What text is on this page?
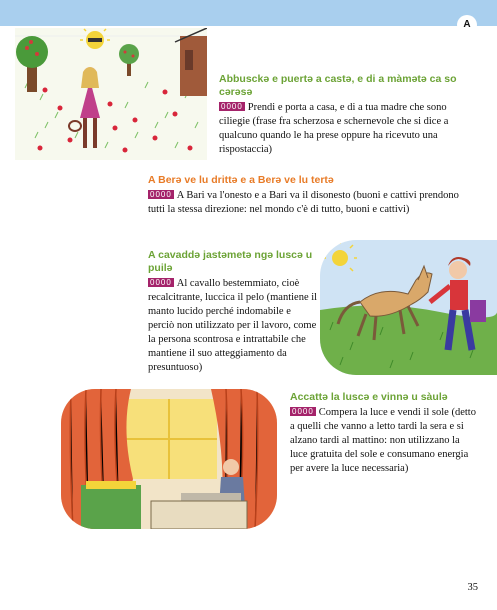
A

Abbusckə e puertə a castə, e di a màmətə ca so cərəsə

0000 Prendi e porta a casa, e di a tua madre che sono ciliegie (frase fra scherzosa e schernevole che si dice a qualcuno quando le ha prese oppure ha ricevuto una rispostaccia)

A Berə ve lu drittə e a Berə ve lu tertə

0000 A Bari va l'onesto e a Bari va il disonesto (buoni e cattivi prendono tutti la stessa direzione: nel mondo c'è di tutto, buoni e cattivi)

A cavaddə jastəmetə ngə luscə u puilə

0000 Al cavallo bestemmiato, cioè recalcitrante, luccica il pelo (mantiene il manto lucido perché indomabile e perciò non utilizzato per il lavoro, come la persona scontrosa e intrattabile che mantiene il suo atteggiamento da presuntuoso)

Accattə la luscə e vinnə u sàulə

0000 Compera la luce e vendi il sole (detto a quelli che vanno a letto tardi la sera e si alzano tardi al mattino: non utilizzano la luce gratuita del sole e consumano energia per avere la luce necessaria)

35
